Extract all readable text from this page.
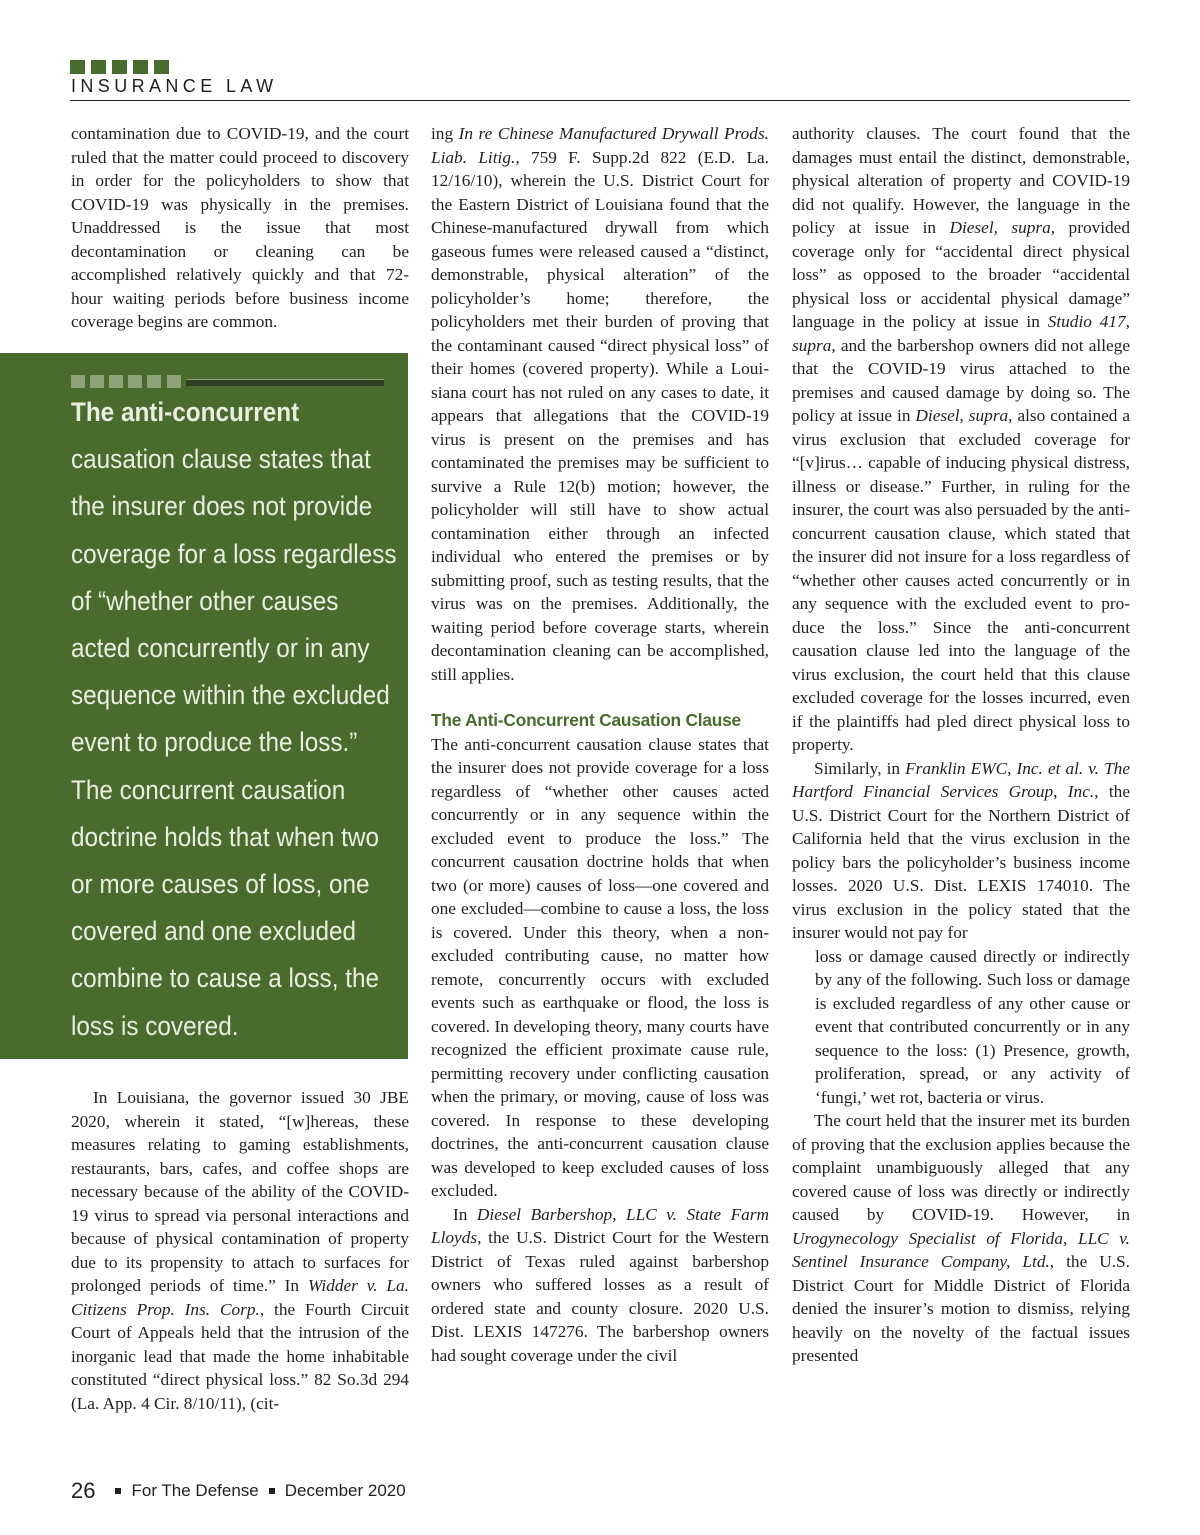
INSURANCE LAW

contamination due to COVID-19, and the court ruled that the matter could proceed to discovery in order for the policyholders to show that COVID-19 was physically in the premises. Unaddressed is the issue that most decontamination or cleaning can be accomplished relatively quickly and that 72-hour waiting periods before business income coverage begins are common.

The anti-concurrent
causation clause states that the insurer does not provide coverage for a loss regardless of “whether other causes acted concurrently or in any sequence within the excluded event to produce the loss.” The concurrent causation doctrine holds that when two or more causes of loss, one covered and one excluded combine to cause a loss, the loss is covered.

In Louisiana, the governor issued 30 JBE 2020, wherein it stated, “[w]hereas, these measures relating to gaming establishments, restaurants, bars, cafes, and coffee shops are necessary because of the ability of the COVID-19 virus to spread via personal interactions and because of physical contamination of property due to its propensity to attach to surfaces for prolonged periods of time.” In Widder v. La. Citizens Prop. Ins. Corp., the Fourth Circuit Court of Appeals held that the intrusion of the inorganic lead that made the home inhabitable constituted “direct physical loss.” 82 So.3d 294 (La. App. 4 Cir. 8/10/11), (cit-

ing In re Chinese Manufactured Drywall Prods. Liab. Litig., 759 F. Supp.2d 822 (E.D. La. 12/16/10), wherein the U.S. District Court for the Eastern District of Louisiana found that the Chinese-manufactured drywall from which gaseous fumes were released caused a “distinct, demonstrable, physical alteration” of the policyholder’s home; therefore, the policyholders met their burden of proving that the contaminant caused “direct physical loss” of their homes (covered property). While a Louisiana court has not ruled on any cases to date, it appears that allegations that the COVID-19 virus is present on the premises and has contaminated the premises may be sufficient to survive a Rule 12(b) motion; however, the policyholder will still have to show actual contamination either through an infected individual who entered the premises or by submitting proof, such as testing results, that the virus was on the premises. Additionally, the waiting period before coverage starts, wherein decontamination cleaning can be accomplished, still applies.

The Anti-Concurrent Causation Clause

The anti-concurrent causation clause states that the insurer does not provide coverage for a loss regardless of “whether other causes acted concurrently or in any sequence within the excluded event to produce the loss.” The concurrent causation doctrine holds that when two (or more) causes of loss—one covered and one excluded—combine to cause a loss, the loss is covered. Under this theory, when a non-excluded contributing cause, no matter how remote, concurrently occurs with excluded events such as earthquake or flood, the loss is covered. In developing theory, many courts have recognized the efficient proximate cause rule, permitting recovery under conflicting causation when the primary, or moving, cause of loss was covered. In response to these developing doctrines, the anti-concurrent causation clause was developed to keep excluded causes of loss excluded.

In Diesel Barbershop, LLC v. State Farm Lloyds, the U.S. District Court for the Western District of Texas ruled against barbershop owners who suffered losses as a result of ordered state and county closure. 2020 U.S. Dist. LEXIS 147276. The barbershop owners had sought coverage under the civil

authority clauses. The court found that the damages must entail the distinct, demonstrable, physical alteration of property and COVID-19 did not qualify. However, the language in the policy at issue in Diesel, supra, provided coverage only for “accidental direct physical loss” as opposed to the broader “accidental physical loss or accidental physical damage” language in the policy at issue in Studio 417, supra, and the barbershop owners did not allege that the COVID-19 virus attached to the premises and caused damage by doing so. The policy at issue in Diesel, supra, also contained a virus exclusion that excluded coverage for “[v]irus… capable of inducing physical distress, illness or disease.” Further, in ruling for the insurer, the court was also persuaded by the anti-concurrent causation clause, which stated that the insurer did not insure for a loss regardless of “whether other causes acted concurrently or in any sequence with the excluded event to produce the loss.” Since the anti-concurrent causation clause led into the language of the virus exclusion, the court held that this clause excluded coverage for the losses incurred, even if the plaintiffs had pled direct physical loss to property.

Similarly, in Franklin EWC, Inc. et al. v. The Hartford Financial Services Group, Inc., the U.S. District Court for the Northern District of California held that the virus exclusion in the policy bars the policyholder’s business income losses. 2020 U.S. Dist. LEXIS 174010. The virus exclusion in the policy stated that the insurer would not pay for

loss or damage caused directly or indirectly by any of the following. Such loss or damage is excluded regardless of any other cause or event that contributed concurrently or in any sequence to the loss: (1) Presence, growth, proliferation, spread, or any activity of ‘fungi,’ wet rot, bacteria or virus.

The court held that the insurer met its burden of proving that the exclusion applies because the complaint unambiguously alleged that any covered cause of loss was directly or indirectly caused by COVID-19. However, in Urogynecology Specialist of Florida, LLC v. Sentinel Insurance Company, Ltd., the U.S. District Court for Middle District of Florida denied the insurer’s motion to dismiss, relying heavily on the novelty of the factual issues presented

26 For The Defense December 2020
